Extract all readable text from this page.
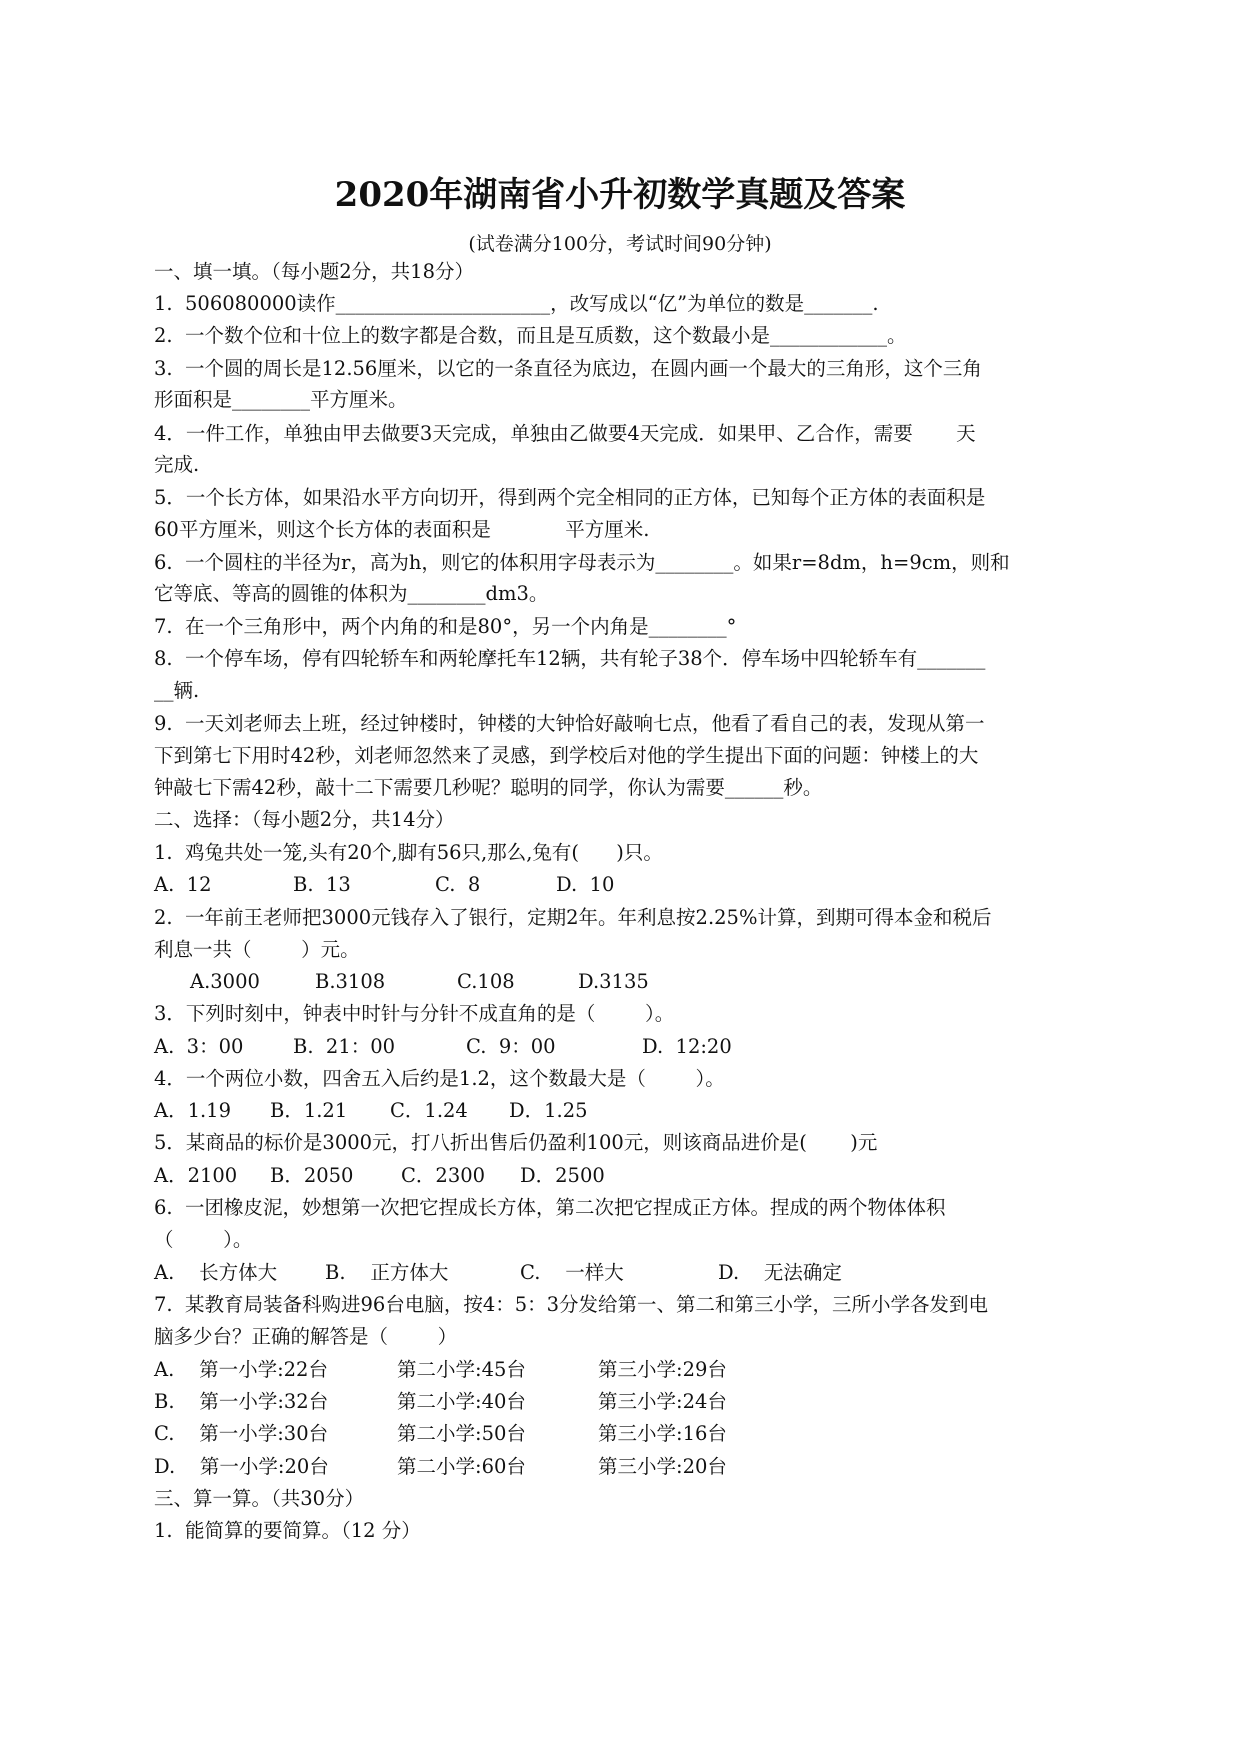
2020年湖南省小升初数学真题及答案
(试卷满分100分，考试时间90分钟)
一、填一填。（每小题2分，共18分）
1.  506080000读作______________________，改写成以“亿”为单位的数是_______.
2.  一个数个位和十位上的数字都是合数，而且是互质数，这个数最小是____________。
3.  一个圆的周长是12.56厘米，以它的一条直径为底边，在圆内画一个最大的三角形，这个三角
形面积是________平方厘米。
4．一件工作，单独由甲去做要3天完成，单独由乙做要4天完成．如果甲、乙合作，需要       天
完成.
5．一个长方体，如果沿水平方向切开，得到两个完全相同的正方体，已知每个正方体的表面积是
60平方厘米，则这个长方体的表面积是            平方厘米.
6.  一个圆柱的半径为r，高为h，则它的体积用字母表示为________。如果r=8dm，h=9cm，则和
它等底、等高的圆锥的体积为________dm3。
7.  在一个三角形中，两个内角的和是80°，另一个内角是________°
8.  一个停车场，停有四轮轿车和两轮摩托车12辆，共有轮子38个．停车场中四轮轿车有_______
__辆.
9.  一天刘老师去上班，经过钟楼时，钟楼的大钟恰好敲响七点，他看了看自己的表，发现从第一
下到第七下用时42秒，刘老师忽然来了灵感，到学校后对他的学生提出下面的问题：钟楼上的大
钟敲七下需42秒，敲十二下需要几秒呢？聪明的同学，你认为需要______秒。
二、选择：（每小题2分，共14分）
1.  鸡兔共处一笼,头有20个,脚有56只,那么,兔有(      )只。
A.  12	B.  13	C.  8	D.  10
2.  一年前王老师把3000元钱存入了银行，定期2年。年利息按2.25%计算，到期可得本金和税后
利息一共（        ）元。
A.3000	B.3108	C.108	D.3135
3．下列时刻中，钟表中时针与分针不成直角的是（        ）。
A.  3：00	B.  21：00	C.  9：00	D.  12:20
4．一个两位小数，四舍五入后约是1.2，这个数最大是（        ）。
A．1.19 B．1.21 C．1.24 D．1.25
5．某商品的标价是3000元，打八折出售后仍盈利100元，则该商品进价是(       )元
A．2100 B．2050 C．2300 D．2500
6.  一团橡皮泥，妙想第一次把它捏成长方体，第二次把它捏成正方体。捏成的两个物体体积
（        ）。
A.    长方体大 B.    正方体大	C.    一样大	D.    无法确定
7.  某教育局装备科购进96台电脑，按4：5：3分发给第一、第二和第三小学，三所小学各发到电
脑多少台？正确的解答是（        ）
A.    第一小学:22台	第二小学:45台	第三小学:29台
B.    第一小学:32台	第二小学:40台	第三小学:24台
C.    第一小学:30台	第二小学:50台	第三小学:16台
D.    第一小学:20台	第二小学:60台	第三小学:20台
三、算一算。（共30分）
1.  能简算的要简算。（12 分）
